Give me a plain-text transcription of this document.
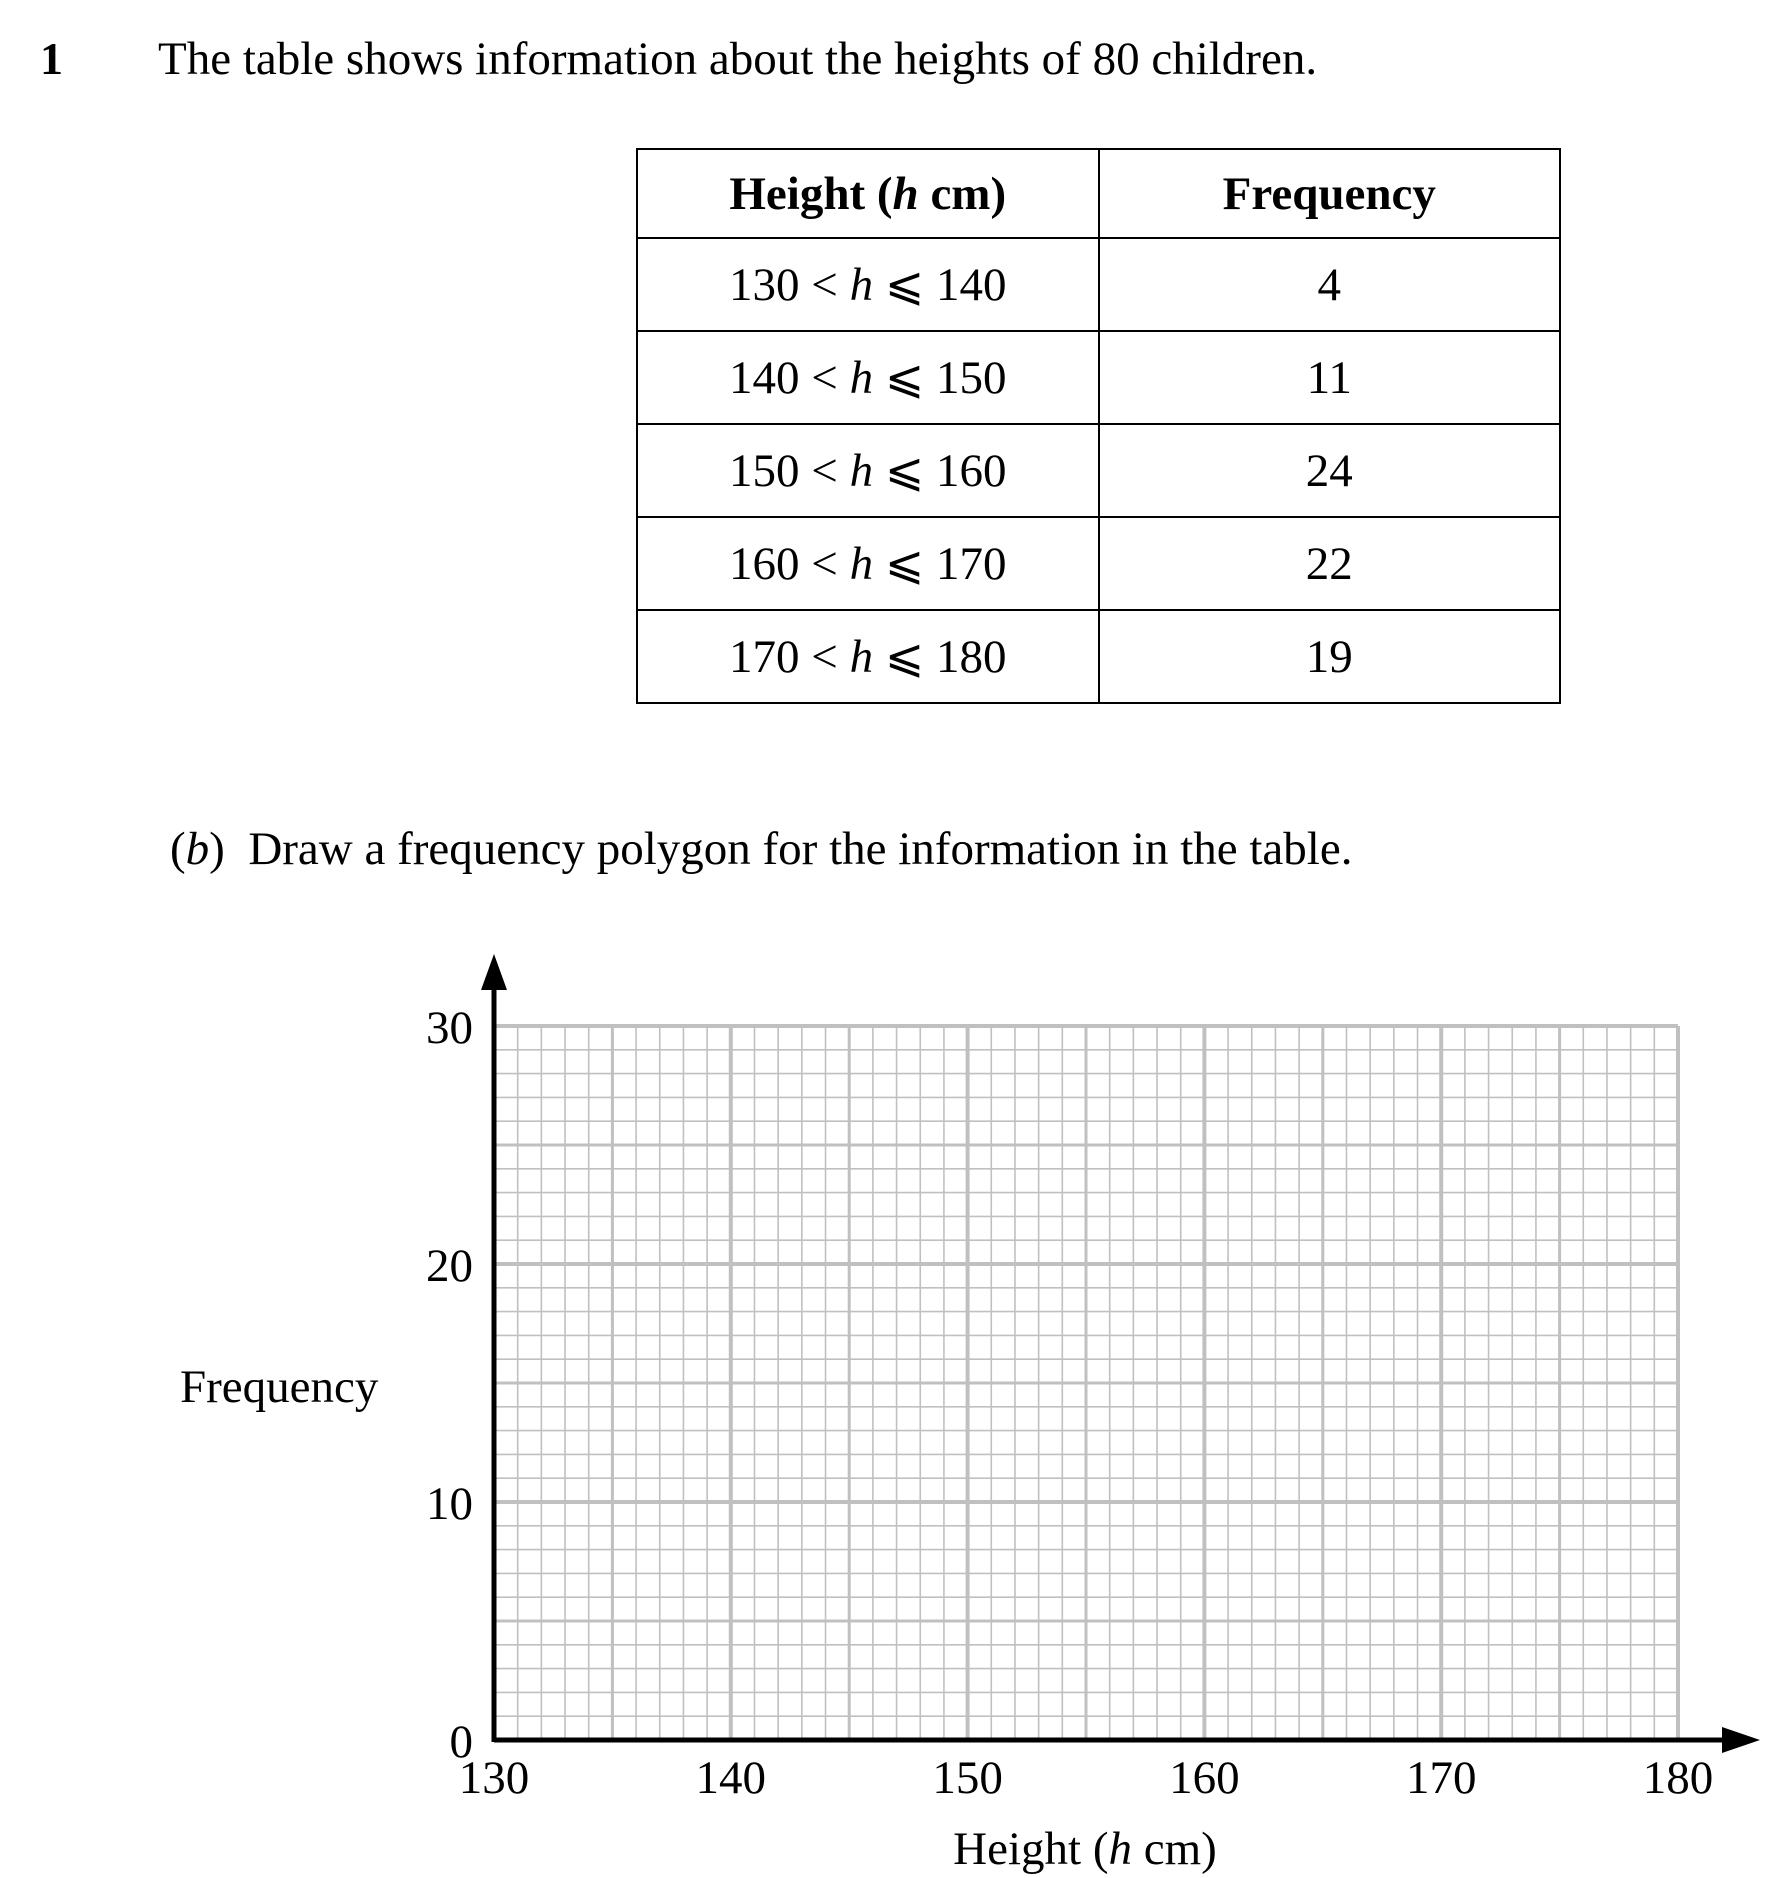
1 The table shows information about the heights of 80 children.
Height (h cm)	Frequency
130 < h ⩽ 140	4
140 < h ⩽ 150	11
150 < h ⩽ 160	24
160 < h ⩽ 170	22
170 < h ⩽ 180	19
(b)  Draw a frequency polygon for the information in the table.
130	140	150	160	170	180
0
10
20
30
Frequency
Height (h cm)
